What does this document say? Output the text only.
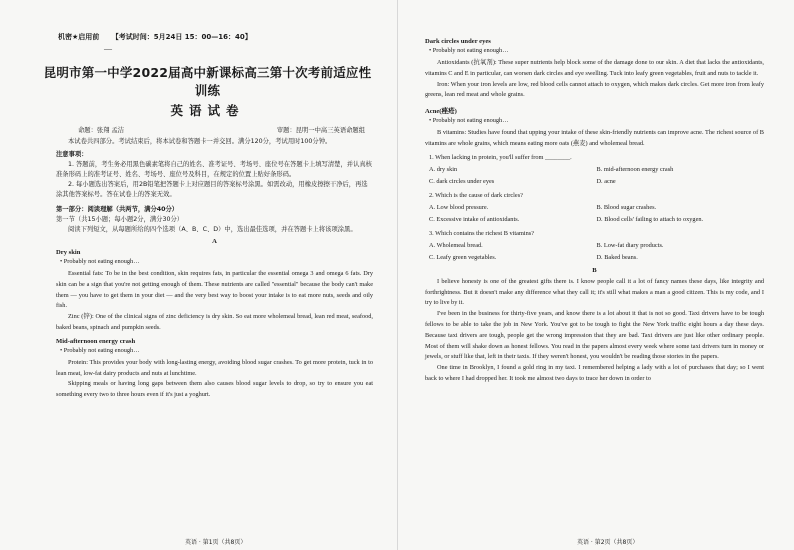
机密★启用前 【考试时间：5月24日 15：00—16：40】
—
昆明市第一中学2022届高中新课标高三第十次考前适应性训练
英语试卷
命题：张翔 孟洁	审题：昆明一中高三英语命题组
本试卷共四部分。考试结束后，将本试卷和答题卡一并交回。满分120分，考试用时100分钟。
注意事项：
1. 答题前，考生务必用黑色碳素笔将自己的姓名、准考证号、考场号、座位号在答题卡上填写清楚，并认真核准条形码上的准考证号、姓名、考场号、座位号及科目，在规定的位置上贴好条形码。
2. 每小题选出答案后，用2B铅笔把答题卡上对应题目的答案标号涂黑。如需改动，用橡皮擦擦干净后，再选涂其他答案标号。答在试卷上的答案无效。
第一部分：阅读理解（共两节，满分40分）
第一节（共15小题；每小题2分，满分30分）
阅读下列短文，从每题所给的四个选项（A、B、C、D）中，选出最佳选项，并在答题卡上将该项涂黑。
A
Dry skin
• Probably not eating enough…

Essential fats: To be in the best condition, skin requires fats, in particular the essential omega 3 and omega 6 fats. Dry skin can be a sign that you're not getting enough of them. These nutrients are called "essential" because the body can't make them — you have to get them in your diet — and the very best way to boost your intake is to eat more nuts, seeds and oily fish.

Zinc (锌): One of the clinical signs of zinc deficiency is dry skin. So eat more wholemeal bread, lean red meat, seafood, baked beans, spinach and pumpkin seeds.

Mid-afternoon energy crash
• Probably not eating enough…

Protein: This provides your body with long-lasting energy, avoiding blood sugar crashes. To get more protein, tuck in to lean meat, low-fat dairy products and nuts at lunchtime.

Skipping meals or having long gaps between them also causes blood sugar levels to drop, so try to ensure you eat something every two to three hours even if it's just a yoghurt.

英语 · 第1页（共8页）
Dark circles under eyes
• Probably not eating enough…

Antioxidants (抗氧剂): These super nutrients help block some of the damage done to our skin. A diet that lacks the antioxidants, vitamins C and E in particular, can worsen dark circles and eye swelling. Tuck into leafy green vegetables, fruit and nuts to tackle it.

Iron: When your iron levels are low, red blood cells cannot attach to oxygen, which makes dark circles. Get more iron from leafy greens, lean red meat and whole grains.

Acne(痤疮)
• Probably not eating enough…

B vitamins: Studies have found that upping your intake of these skin-friendly nutrients can improve acne. The richest source of B vitamins are whole grains, which means eating more oats (燕麦) and wholemeal bread.

1. When lacking in protein, you'll suffer from ________.
A. dry skin	B. mid-afternoon energy crash
C. dark circles under eyes	D. acne
2. Which is the cause of dark circles?
A. Low blood pressure.	B. Blood sugar crashes.
C. Excessive intake of antioxidants.	D. Blood cells' failing to attach to oxygen.
3. Which contains the richest B vitamins?
A. Wholemeal bread.	B. Low-fat diary products.
C. Leafy green vegetables.	D. Baked beans.
B

I believe honesty is one of the greatest gifts there is. I know people call it a lot of fancy names these days, like integrity and forthrightness. But it doesn't make any difference what they call it; it's still what makes a man a good citizen. This is my code, and I try to live by it.

I've been in the business for thirty-five years, and know there is a lot about it that is not so good. Taxi drivers have to be tough fellows to be able to take the job in New York. You've got to be tough to fight the New York traffic eight hours a day these days. Because taxi drivers are tough, people get the wrong impression that they are bad. Taxi drivers are just like other ordinary people. Most of them will shake down as honest fellows. You read in the papers almost every week where some taxi drivers turn in money or jewels, or stuff like that, left in their taxis. If they weren't honest, you wouldn't be reading those stories in the papers.

One time in Brooklyn, I found a gold ring in my taxi. I remembered helping a lady with a lot of purchases that day; so I went back to where I had dropped her. It took me almost two days to trace her down in order to

英语 · 第2页（共8页）
